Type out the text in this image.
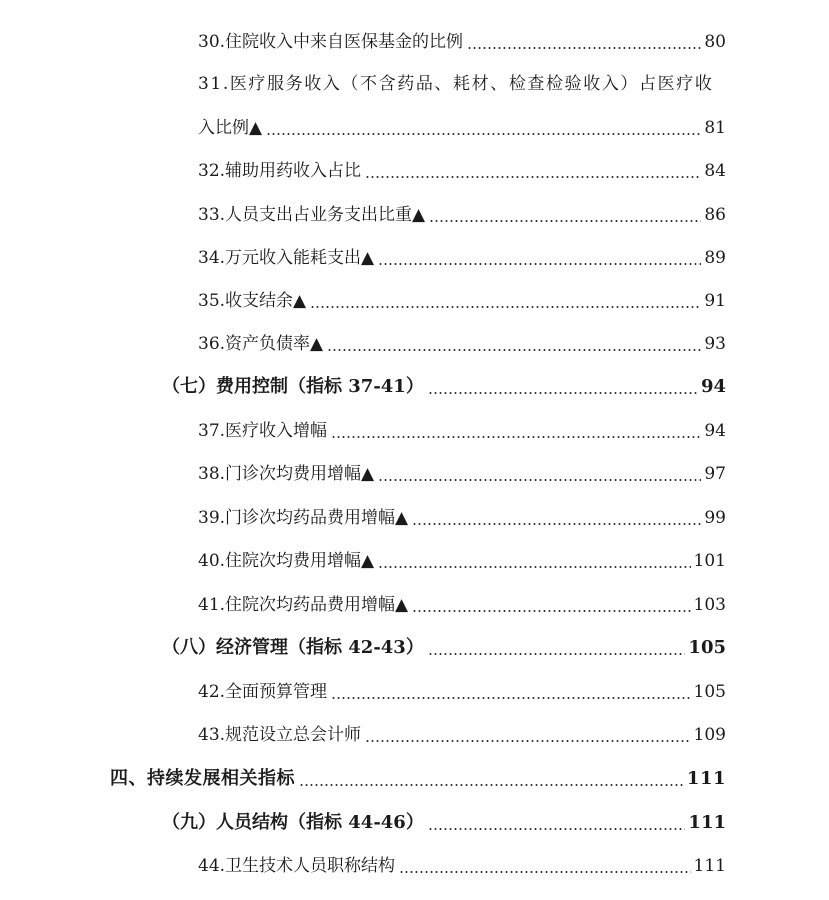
30.住院收入中来自医保基金的比例	80
31.医疗服务收入（不含药品、耗材、检查检验收入）占医疗收
入比例▲	81
32.辅助用药收入占比	84
33.人员支出占业务支出比重▲	86
34.万元收入能耗支出▲	89
35.收支结余▲	91
36.资产负债率▲	93
（七）费用控制（指标 37-41）	94
37.医疗收入增幅	94
38.门诊次均费用增幅▲	97
39.门诊次均药品费用增幅▲	99
40.住院次均费用增幅▲	101
41.住院次均药品费用增幅▲	103
（八）经济管理（指标 42-43）	105
42.全面预算管理	105
43.规范设立总会计师	109
四、持续发展相关指标	111
（九）人员结构（指标 44-46）	111
44.卫生技术人员职称结构	111
